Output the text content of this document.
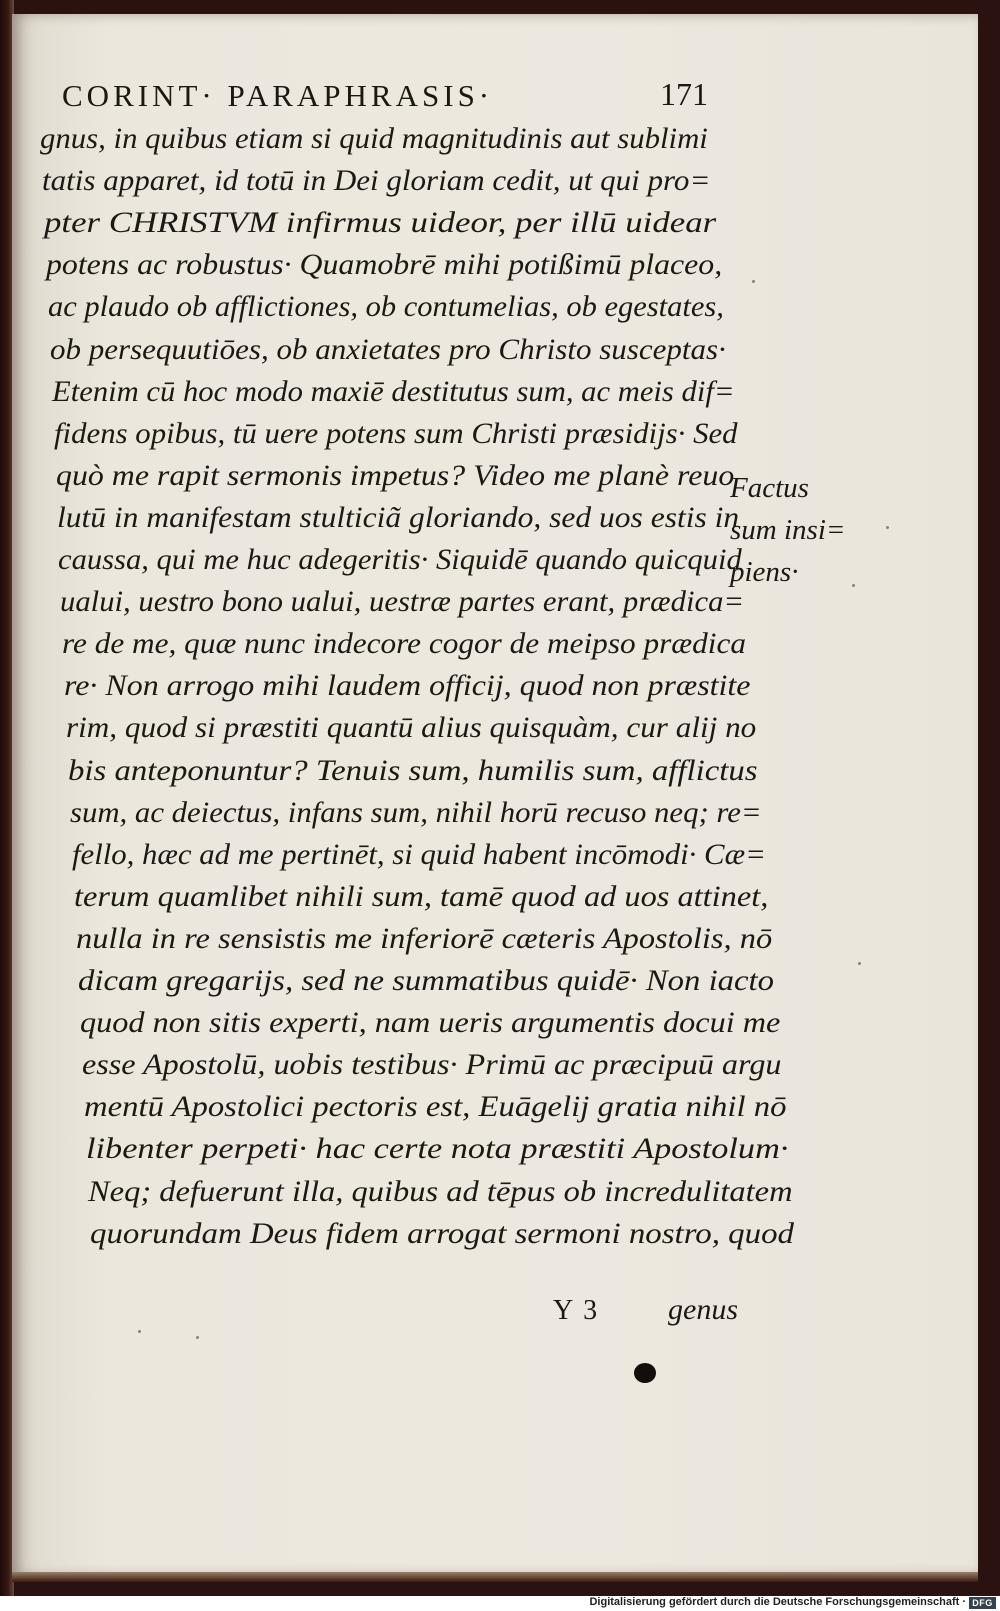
CORINT· PARAPHRASIS·	171
gnus, in quibus etiam si quid magnitudinis aut sublimi
tatis apparet, id totū in Dei gloriam cedit, ut qui pro=
pter CHRISTVM infirmus uideor, per illū uidear
potens ac robustus· Quamobrē mihi potißimū placeo,
ac plaudo ob afflictiones, ob contumelias, ob egestates,
ob persequutiōes, ob anxietates pro Christo susceptas·
Etenim cū hoc modo maxiē destitutus sum, ac meis dif=
fidens opibus, tū uere potens sum Christi præsidijs· Sed
quò me rapit sermonis impetus? Video me planè reuo
lutū in manifestam stulticiã gloriando, sed uos estis in
caussa, qui me huc adegeritis· Siquidē quando quicquid
ualui, uestro bono ualui, uestræ partes erant, prædica=
re de me, quæ nunc indecore cogor de meipso prædica
re· Non arrogo mihi laudem officij, quod non præstite
rim, quod si præstiti quantū alius quisquàm, cur alij no
bis anteponuntur? Tenuis sum, humilis sum, afflictus
sum, ac deiectus, infans sum, nihil horū recuso neq; re=
fello, hæc ad me pertinēt, si quid habent incōmodi· Cæ=
terum quamlibet nihili sum, tamē quod ad uos attinet,
nulla in re sensistis me inferiorē cæteris Apostolis, nō
dicam gregarijs, sed ne summatibus quidē· Non iacto
quod non sitis experti, nam ueris argumentis docui me
esse Apostolū, uobis testibus· Primū ac præcipuū argu
mentū Apostolici pectoris est, Euāgelij gratia nihil nō
libenter perpeti· hac certe nota præstiti Apostolum·
Neq; defuerunt illa, quibus ad tēpus ob incredulitatem
quorundam Deus fidem arrogat sermoni nostro, quod
Factus
sum insi=
piens·
Y 3 genus
Digitalisierung gefördert durch die Deutsche Forschungsgemeinschaft · DFG
